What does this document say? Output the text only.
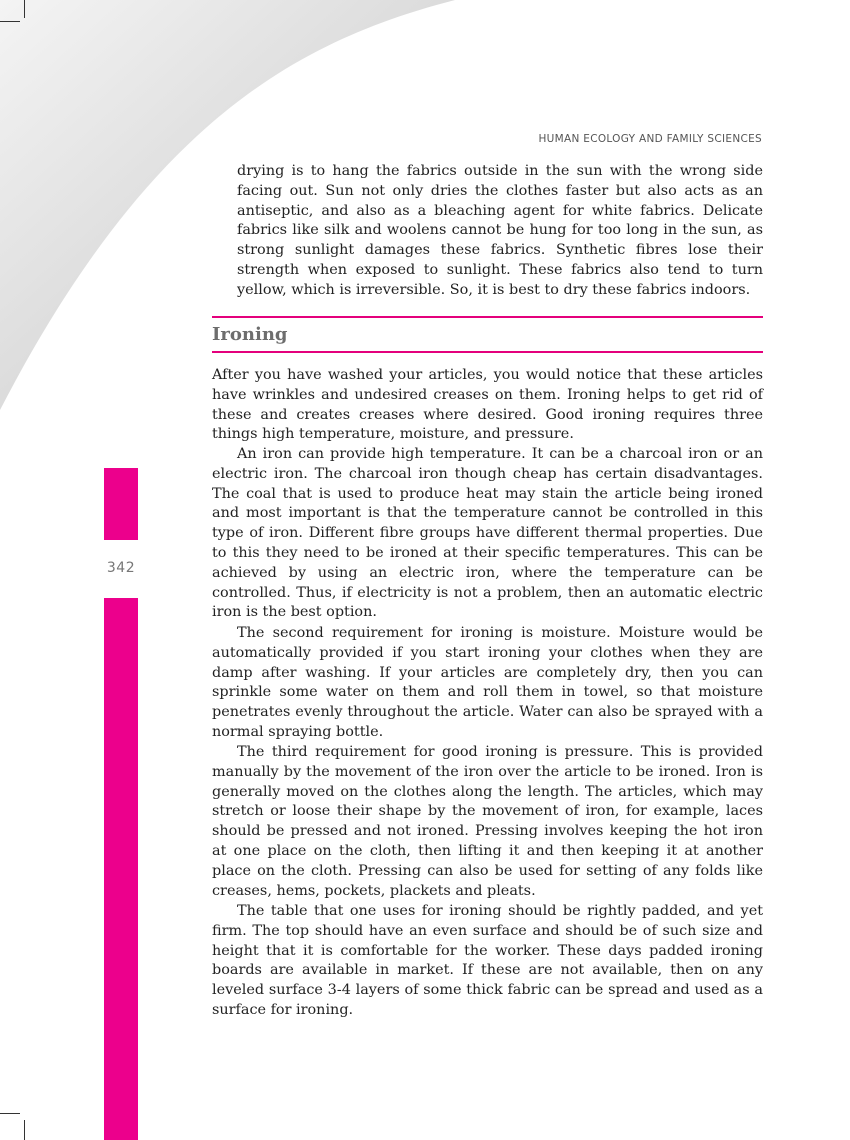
342
HUMAN ECOLOGY AND FAMILY SCIENCES

drying is to hang the fabrics outside in the sun with the wrong side facing out. Sun not only dries the clothes faster but also acts as an antiseptic, and also as a bleaching agent for white fabrics. Delicate fabrics like silk and woolens cannot be hung for too long in the sun, as strong sunlight damages these fabrics. Synthetic fibres lose their strength when exposed to sunlight. These fabrics also tend to turn yellow, which is irreversible. So, it is best to dry these fabrics indoors.

Ironing

After you have washed your articles, you would notice that these articles have wrinkles and undesired creases on them. Ironing helps to get rid of these and creates creases where desired. Good ironing requires three things high temperature, moisture, and pressure.

An iron can provide high temperature. It can be a charcoal iron or an electric iron. The charcoal iron though cheap has certain disadvantages. The coal that is used to produce heat may stain the article being ironed and most important is that the temperature cannot be controlled in this type of iron. Different fibre groups have different thermal properties. Due to this they need to be ironed at their specific temperatures. This can be achieved by using an electric iron, where the temperature can be controlled. Thus, if electricity is not a problem, then an automatic electric iron is the best option.

The second requirement for ironing is moisture. Moisture would be automatically provided if you start ironing your clothes when they are damp after washing. If your articles are completely dry, then you can sprinkle some water on them and roll them in towel, so that moisture penetrates evenly throughout the article. Water can also be sprayed with a normal spraying bottle.

The third requirement for good ironing is pressure. This is provided manually by the movement of the iron over the article to be ironed. Iron is generally moved on the clothes along the length. The articles, which may stretch or loose their shape by the movement of iron, for example, laces should be pressed and not ironed. Pressing involves keeping the hot iron at one place on the cloth, then lifting it and then keeping it at another place on the cloth. Pressing can also be used for setting of any folds like creases, hems, pockets, plackets and pleats.

The table that one uses for ironing should be rightly padded, and yet firm. The top should have an even surface and should be of such size and height that it is comfortable for the worker. These days padded ironing boards are available in market. If these are not available, then on any leveled surface 3-4 layers of some thick fabric can be spread and used as a surface for ironing.
